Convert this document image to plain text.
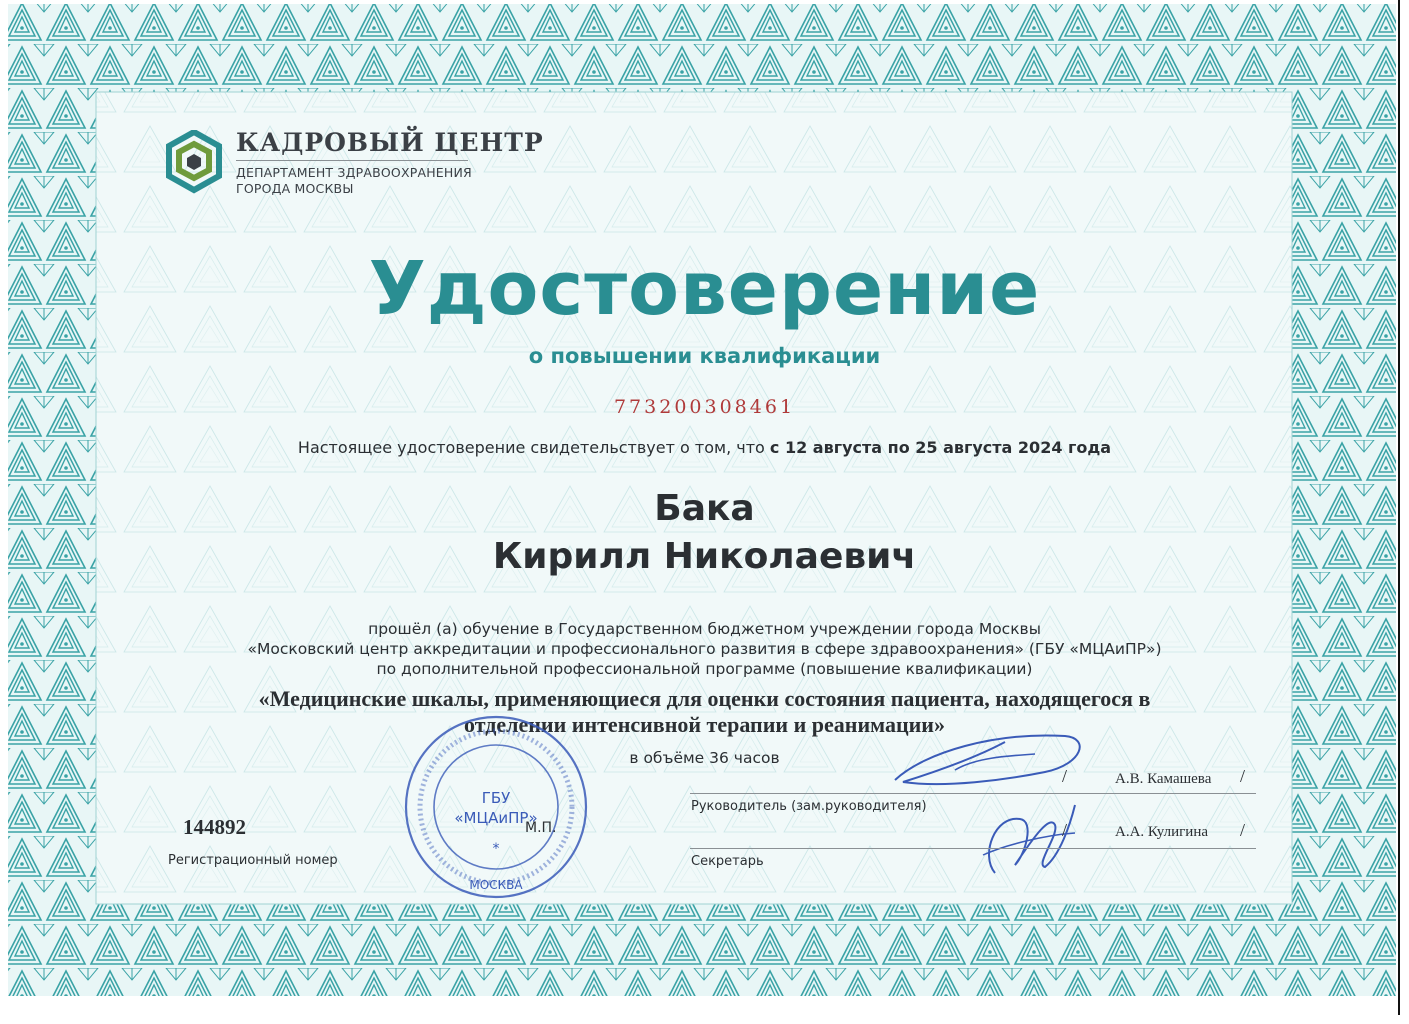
КАДРОВЫЙ ЦЕНТР
ДЕПАРТАМЕНТ ЗДРАВООХРАНЕНИЯ
ГОРОДА МОСКВЫ
Удостоверение
о повышении квалификации
773200308461
Настоящее удостоверение свидетельствует о том, что с 12 августа по 25 августа 2024 года
Бака
Кирилл Николаевич
прошёл (а) обучение в Государственном бюджетном учреждении города Москвы
«Московский центр аккредитации и профессионального развития в сфере здравоохранения» (ГБУ «МЦАиПР»)
по дополнительной профессиональной программе (повышение квалификации)
«Медицинские шкалы, применяющиеся для оценки состояния пациента, находящегося в
отделении интенсивной терапии и реанимации»
в объёме 36 часов
144892
Регистрационный номер
ГБУ
«МЦАиПР»
*
МОСКВА
М.П.
/	А.В. Камашева /
Руководитель (зам.руководителя)
/	А.А. Кулигина /
Секретарь
